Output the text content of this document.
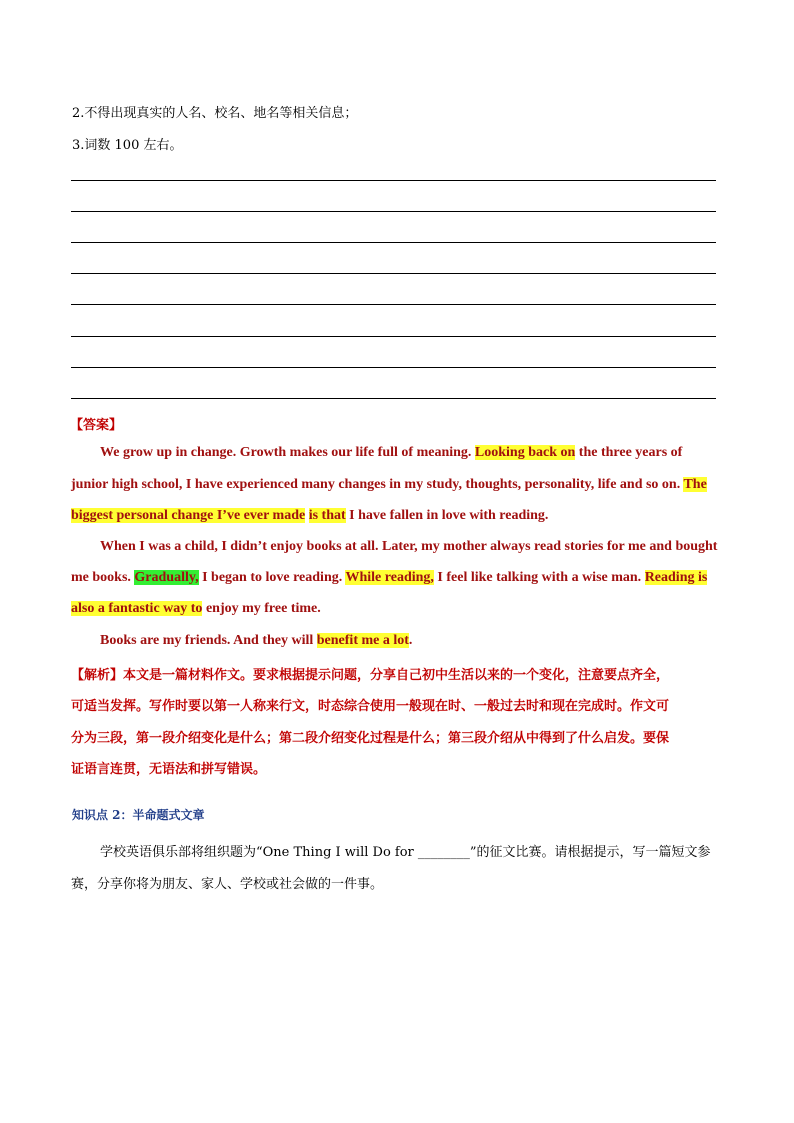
2.不得出现真实的人名、校名、地名等相关信息；
3.词数 100 左右。
【答案】
We grow up in change. Growth makes our life full of meaning. Looking back on the three years of
junior high school, I have experienced many changes in my study, thoughts, personality, life and so on. The
biggest personal change I’ve ever made is that I have fallen in love with reading.
When I was a child, I didn’t enjoy books at all. Later, my mother always read stories for me and bought
me books. Gradually, I began to love reading. While reading, I feel like talking with a wise man. Reading is
also a fantastic way to enjoy my free time.
Books are my friends. And they will benefit me a lot.
【解析】本文是一篇材料作文。要求根据提示问题，分享自己初中生活以来的一个变化，注意要点齐全，
可适当发挥。写作时要以第一人称来行文，时态综合使用一般现在时、一般过去时和现在完成时。作文可
分为三段，第一段介绍变化是什么；第二段介绍变化过程是什么；第三段介绍从中得到了什么启发。要保
证语言连贯，无语法和拼写错误。
知识点 2：半命题式文章
学校英语俱乐部将组织题为“One Thing I will Do for ________”的征文比赛。请根据提示，写一篇短文参
赛，分享你将为朋友、家人、学校或社会做的一件事。
